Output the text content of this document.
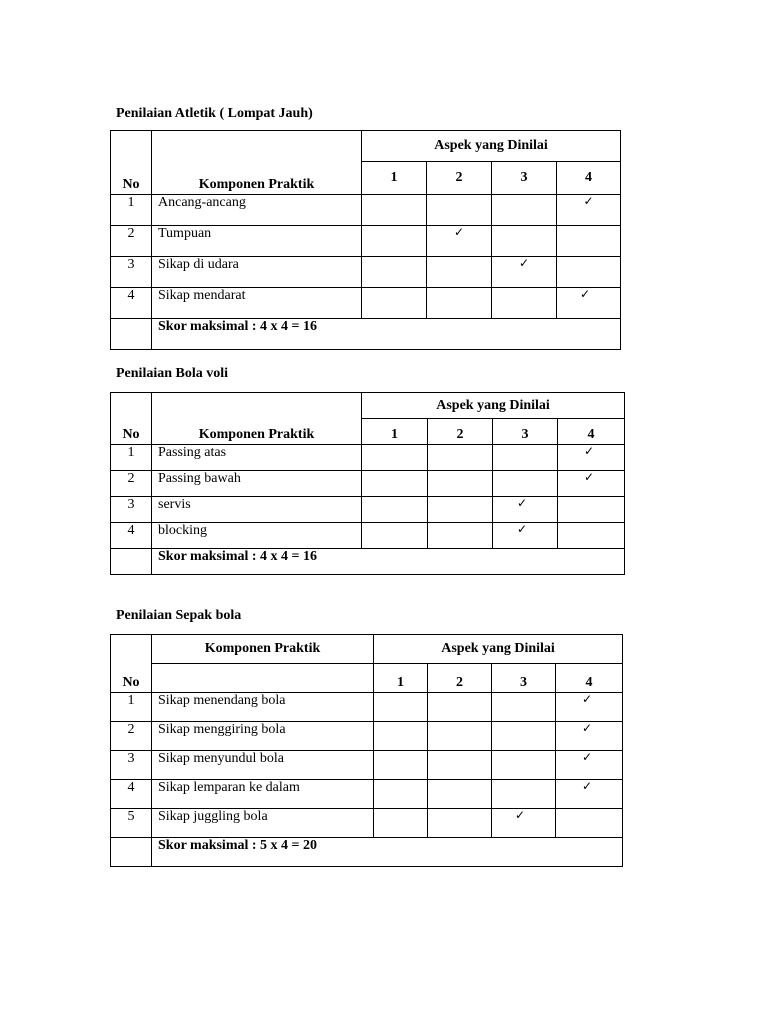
Penilaian Atletik ( Lompat Jauh)
No	Komponen Praktik	Aspek yang Dinilai			
		1	2	3	4
1	Ancang-ancang				✓

2	Tumpuan		✓		

3	Sikap di udara			✓	

4	Sikap mendarat				✓

	Skor maksimal : 4 x 4 = 16				
Penilaian Bola voli
No	Komponen Praktik	Aspek yang Dinilai			
		1	2	3	4
1	Passing atas				✓

2	Passing bawah				✓

3	servis			✓	

4	blocking			✓	

	Skor maksimal : 4 x 4 = 16				
Penilaian Sepak bola
No	Komponen Praktik	Aspek yang Dinilai			
		1	2	3	4
1	Sikap menendang bola				✓

2	Sikap menggiring bola				✓

3	Sikap menyundul bola				✓

4	Sikap lemparan ke dalam				✓

5	Sikap juggling bola			✓	

	Skor maksimal : 5 x 4 = 20				
